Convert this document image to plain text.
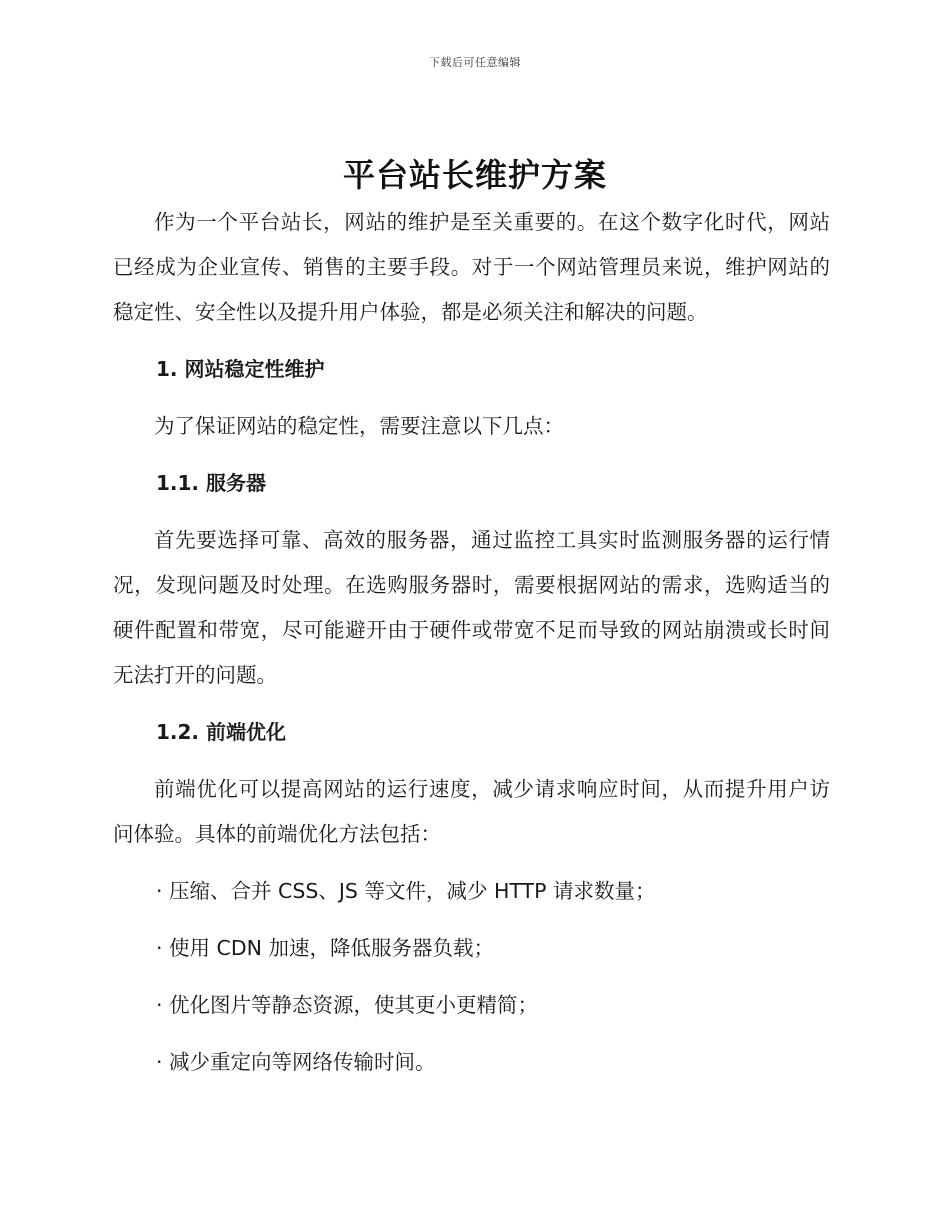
下载后可任意编辑
平台站长维护方案

作为一个平台站长，网站的维护是至关重要的。在这个数字化时代，网站已经成为企业宣传、销售的主要手段。对于一个网站管理员来说，维护网站的稳定性、安全性以及提升用户体验，都是必须关注和解决的问题。

1. 网站稳定性维护
为了保证网站的稳定性，需要注意以下几点：
1.1. 服务器

首先要选择可靠、高效的服务器，通过监控工具实时监测服务器的运行情况，发现问题及时处理。在选购服务器时，需要根据网站的需求，选购适当的硬件配置和带宽，尽可能避开由于硬件或带宽不足而导致的网站崩溃或长时间无法打开的问题。

1.2. 前端优化

前端优化可以提高网站的运行速度，减少请求响应时间，从而提升用户访问体验。具体的前端优化方法包括：

· 压缩、合并 CSS、JS 等文件，减少 HTTP 请求数量；
· 使用 CDN 加速，降低服务器负载；
· 优化图片等静态资源，使其更小更精简；
· 减少重定向等网络传输时间。
